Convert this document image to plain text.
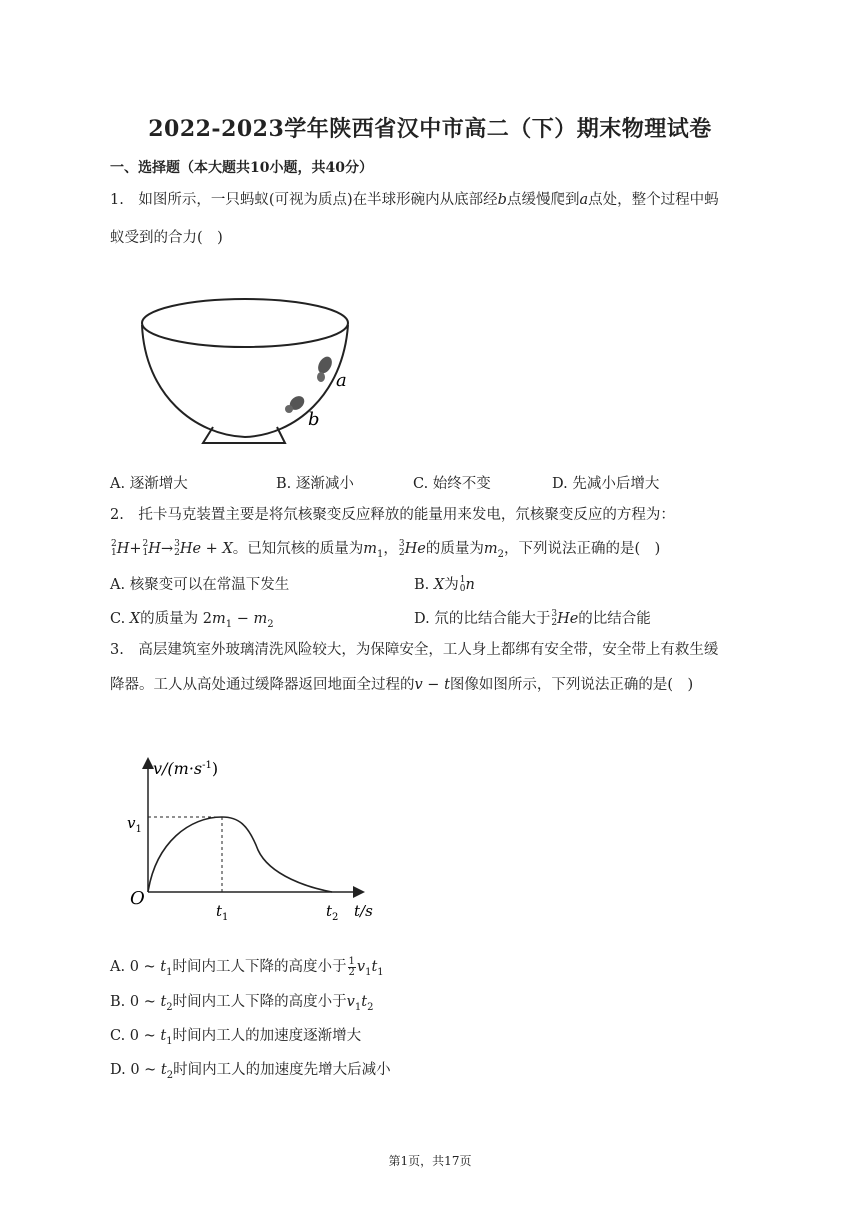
2022-2023学年陕西省汉中市高二（下）期末物理试卷
一、选择题（本大题共10小题，共40分）
1.　如图所示，一只蚂蚁(可视为质点)在半球形碗内从底部经b点缓慢爬到a点处，整个过程中蚂
蚁受到的合力(　)
a
b
A. 逐渐增大	B. 逐渐减小	C. 始终不变	D. 先减小后增大
2.　托卡马克装置主要是将氘核聚变反应释放的能量用来发电，氘核聚变反应的方程为：
2
1 H+ 2
1 H→ 3
2 He + X。已知氘核的质量为$m_1$， 3
2 He的质量为$m_2$，下列说法正确的是(　)
A. 核聚变可以在常温下发生	B. X为 1
0 n
C. X的质量为 $2m_1 - m_2$	D. 氘的比结合能大于 3
2 He的比结合能
3.　高层建筑室外玻璃清洗风险较大，为保障安全，工人身上都绑有安全带，安全带上有救生缓
降器。工人从高处通过缓降器返回地面全过程的v − t图像如图所示，下列说法正确的是(　)
$v/(m\cdot s^{-1})$
$v_1$
O
$t_1$	$t_2$ t/s
A. 0 ~ $t_1$时间内工人下降的高度小于 $\frac{1}{2} v_1t_1$
B. 0 ~ $t_2$时间内工人下降的高度小于$v_1t_2$
C. 0 ~ $t_1$时间内工人的加速度逐渐增大
D. 0 ~ $t_2$时间内工人的加速度先增大后减小
第1页，共17页
